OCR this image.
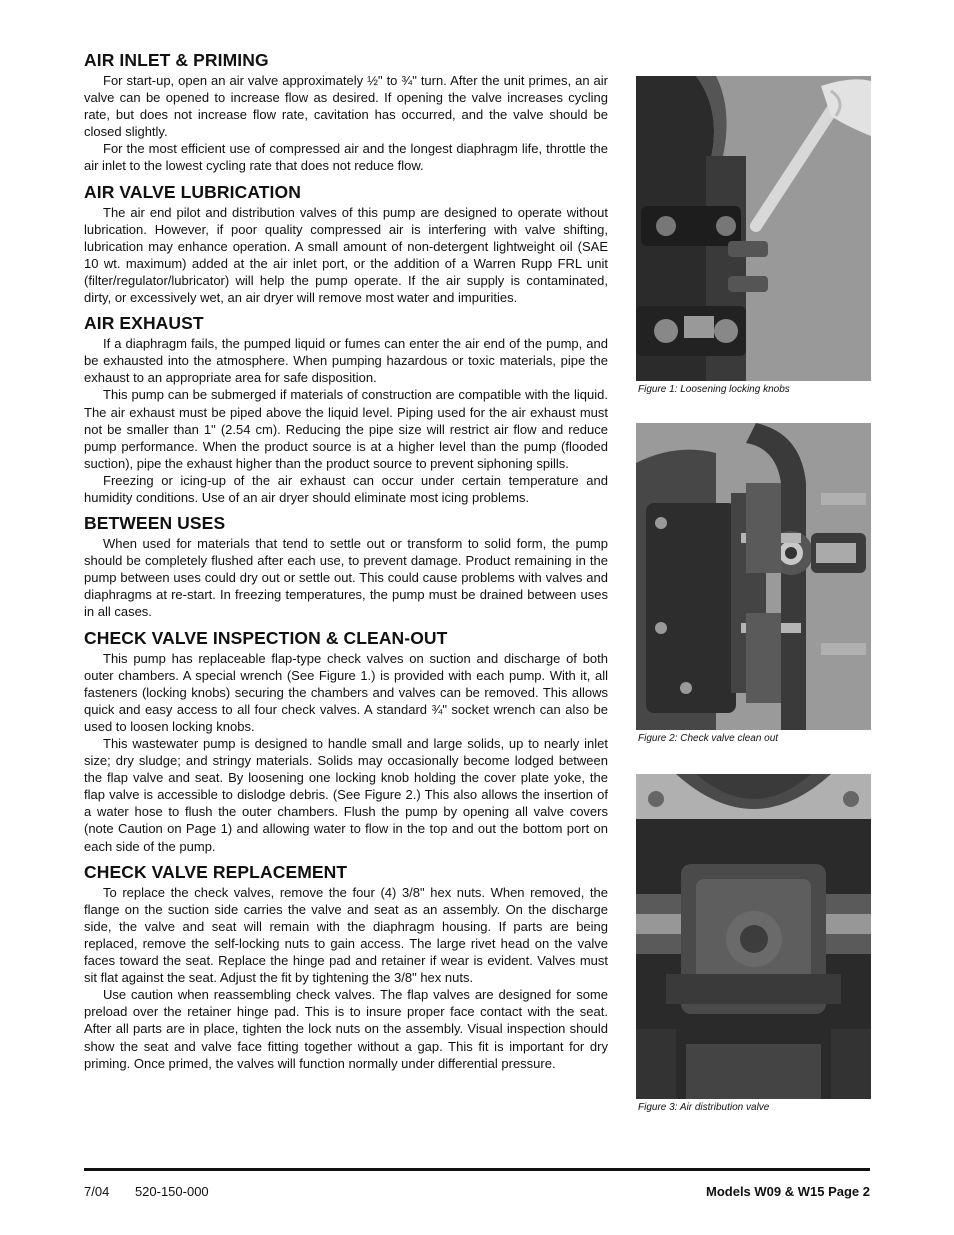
AIR INLET & PRIMING

For start-up, open an air valve approximately ½" to ¾" turn. After the unit primes, an air valve can be opened to increase flow as desired. If opening the valve increases cycling rate, but does not increase flow rate, cavitation has occurred, and the valve should be closed slightly.

For the most efficient use of compressed air and the longest diaphragm life, throttle the air inlet to the lowest cycling rate that does not reduce flow.

AIR VALVE LUBRICATION

The air end pilot and distribution valves of this pump are designed to operate without lubrication. However, if poor quality compressed air is interfering with valve shifting, lubrication may enhance operation. A small amount of non-detergent lightweight oil (SAE 10 wt. maximum) added at the air inlet port, or the addition of a Warren Rupp FRL unit (filter/regulator/lubricator) will help the pump operate. If the air supply is contaminated, dirty, or excessively wet, an air dryer will remove most water and impurities.

AIR EXHAUST

If a diaphragm fails, the pumped liquid or fumes can enter the air end of the pump, and be exhausted into the atmosphere. When pumping hazardous or toxic materials, pipe the exhaust to an appropriate area for safe disposition.

This pump can be submerged if materials of construction are compatible with the liquid. The air exhaust must be piped above the liquid level. Piping used for the air exhaust must not be smaller than 1" (2.54 cm). Reducing the pipe size will restrict air flow and reduce pump performance. When the product source is at a higher level than the pump (flooded suction), pipe the exhaust higher than the product source to prevent siphoning spills.

Freezing or icing-up of the air exhaust can occur under certain temperature and humidity conditions. Use of an air dryer should eliminate most icing problems.

BETWEEN USES

When used for materials that tend to settle out or transform to solid form, the pump should be completely flushed after each use, to prevent damage. Product remaining in the pump between uses could dry out or settle out. This could cause problems with valves and diaphragms at re-start. In freezing temperatures, the pump must be drained between uses in all cases.

CHECK VALVE INSPECTION & CLEAN-OUT

This pump has replaceable flap-type check valves on suction and discharge of both outer chambers. A special wrench (See Figure 1.) is provided with each pump. With it, all fasteners (locking knobs) securing the chambers and valves can be removed. This allows quick and easy access to all four check valves. A standard ¾" socket wrench can also be used to loosen locking knobs.

This wastewater pump is designed to handle small and large solids, up to nearly inlet size; dry sludge; and stringy materials. Solids may occasionally become lodged between the flap valve and seat. By loosening one locking knob holding the cover plate yoke, the flap valve is accessible to dislodge debris. (See Figure 2.) This also allows the insertion of a water hose to flush the outer chambers. Flush the pump by opening all valve covers (note Caution on Page 1) and allowing water to flow in the top and out the bottom port on each side of the pump.

CHECK VALVE REPLACEMENT

To replace the check valves, remove the four (4) 3/8" hex nuts. When removed, the flange on the suction side carries the valve and seat as an assembly. On the discharge side, the valve and seat will remain with the diaphragm housing. If parts are being replaced, remove the self-locking nuts to gain access. The large rivet head on the valve faces toward the seat. Replace the hinge pad and retainer if wear is evident. Valves must sit flat against the seat. Adjust the fit by tightening the 3/8" hex nuts.

Use caution when reassembling check valves. The flap valves are designed for some preload over the retainer hinge pad. This is to insure proper face contact with the seat. After all parts are in place, tighten the lock nuts on the assembly. Visual inspection should show the seat and valve face fitting together without a gap. This fit is important for dry priming. Once primed, the valves will function normally under differential pressure.

Figure 1: Loosening locking knobs
Figure 2: Check valve clean out
Figure 3: Air distribution valve
7/04 520-150-000	Models W09 & W15 Page 2
